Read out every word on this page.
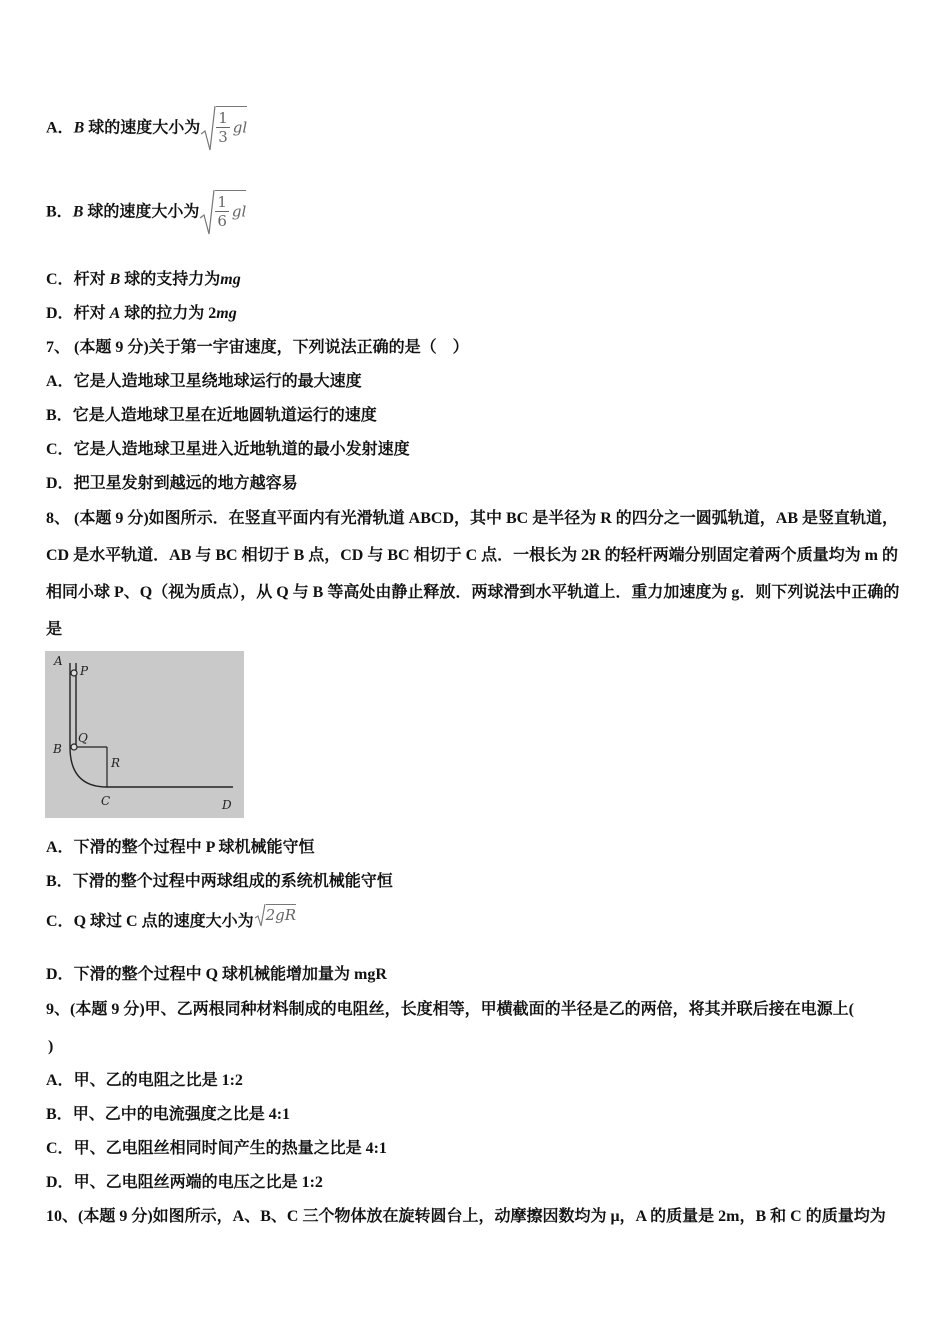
A．B 球的速度大小为 $\frac{1}{3}$ gl
B．B 球的速度大小为 $\frac{1}{6}$ gl
C．杆对 B 球的支持力为mg
D．杆对 A 球的拉力为 2mg
7、 (本题 9 分)关于第一宇宙速度，下列说法正确的是（　）
A．它是人造地球卫星绕地球运行的最大速度
B．它是人造地球卫星在近地圆轨道运行的速度
C．它是人造地球卫星进入近地轨道的最小发射速度
D．把卫星发射到越远的地方越容易
8、 (本题 9 分)如图所示．在竖直平面内有光滑轨道 ABCD，其中 BC 是半径为 R 的四分之一圆弧轨道，AB 是竖直轨道，CD 是水平轨道．AB 与 BC 相切于 B 点，CD 与 BC 相切于 C 点．一根长为 2R 的轻杆两端分别固定着两个质量均为 m 的相同小球 P、Q（视为质点），从 Q 与 B 等高处由静止释放．两球滑到水平轨道上．重力加速度为 g．则下列说法中正确的是
A
P
B
Q
R
C	D
A．下滑的整个过程中 P 球机械能守恒
B．下滑的整个过程中两球组成的系统机械能守恒
C．Q 球过 C 点的速度大小为 2gR
D．下滑的整个过程中 Q 球机械能增加量为 mgR
9、(本题 9 分)甲、乙两根同种材料制成的电阻丝，长度相等，甲横截面的半径是乙的两倍，将其并联后接在电源上(
)
A．甲、乙的电阻之比是 1:2
B．甲、乙中的电流强度之比是 4:1
C．甲、乙电阻丝相同时间产生的热量之比是 4:1
D．甲、乙电阻丝两端的电压之比是 1:2
10、(本题 9 分)如图所示，A、B、C 三个物体放在旋转圆台上，动摩擦因数均为 μ，A 的质量是 2m，B 和 C 的质量均为
